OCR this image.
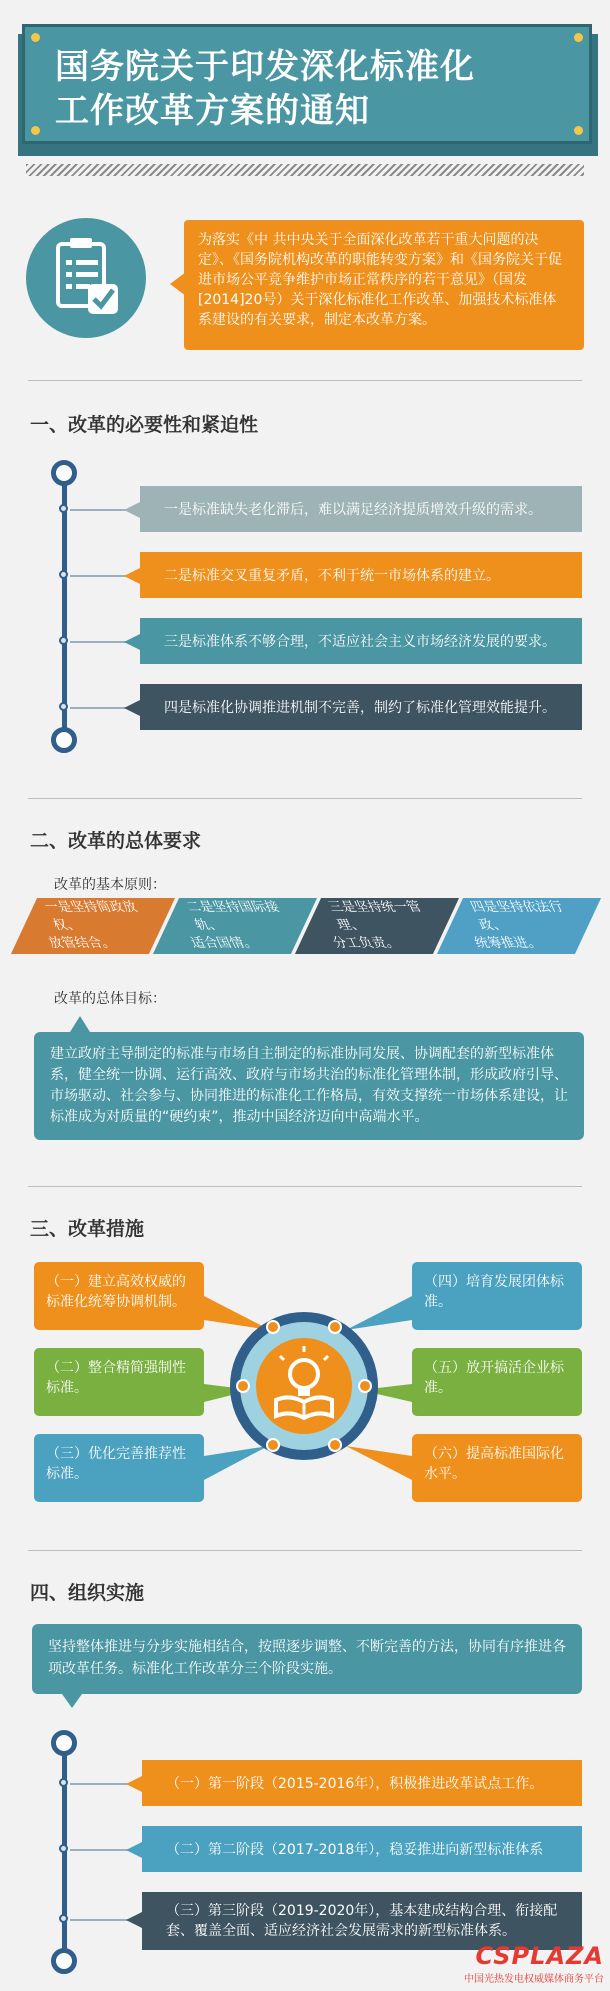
国务院关于印发深化标准化
工作改革方案的通知
为落实《中 共中央关于全面深化改革若干重大问题的决定》、《国务院机构改革的职能转变方案》和《国务院关于促进市场公平竞争维护市场正常秩序的若干意见》（国发[2014]20号）关于深化标准化工作改革、加强技术标准体系建设的有关要求，制定本改革方案。
一、改革的必要性和紧迫性
一是标准缺失老化滞后，难以满足经济提质增效升级的需求。
二是标准交叉重复矛盾，不利于统一市场体系的建立。
三是标准体系不够合理，不适应社会主义市场经济发展的要求。
四是标准化协调推进机制不完善，制约了标准化管理效能提升。
二、改革的总体要求
改革的基本原则：
一是坚持简政放权、
放管结合。
二是坚持国际接轨、
适合国情。
三是坚持统一管理、
分工负责。
四是坚持依法行政、
统筹推进。
改革的总体目标：
建立政府主导制定的标准与市场自主制定的标准协同发展、协调配套的新型标准体系，健全统一协调、运行高效、政府与市场共治的标准化管理体制，形成政府引导、市场驱动、社会参与、协同推进的标准化工作格局，有效支撑统一市场体系建设，让标准成为对质量的“硬约束”，推动中国经济迈向中高端水平。
三、改革措施
（一）建立高效权威的标准化统筹协调机制。
（二）整合精简强制性标准。
（三）优化完善推荐性标准。
（四）培育发展团体标准。
（五）放开搞活企业标准。
（六）提高标准国际化水平。
四、组织实施
坚持整体推进与分步实施相结合，按照逐步调整、不断完善的方法，协同有序推进各项改革任务。标准化工作改革分三个阶段实施。
（一）第一阶段（2015-2016年），积极推进改革试点工作。
（二）第二阶段（2017-2018年），稳妥推进向新型标准体系
（三）第三阶段（2019-2020年），基本建成结构合理、衔接配套、覆盖全面、适应经济社会发展需求的新型标准体系。
CSPLAZA
中国光热发电权威媒体商务平台
